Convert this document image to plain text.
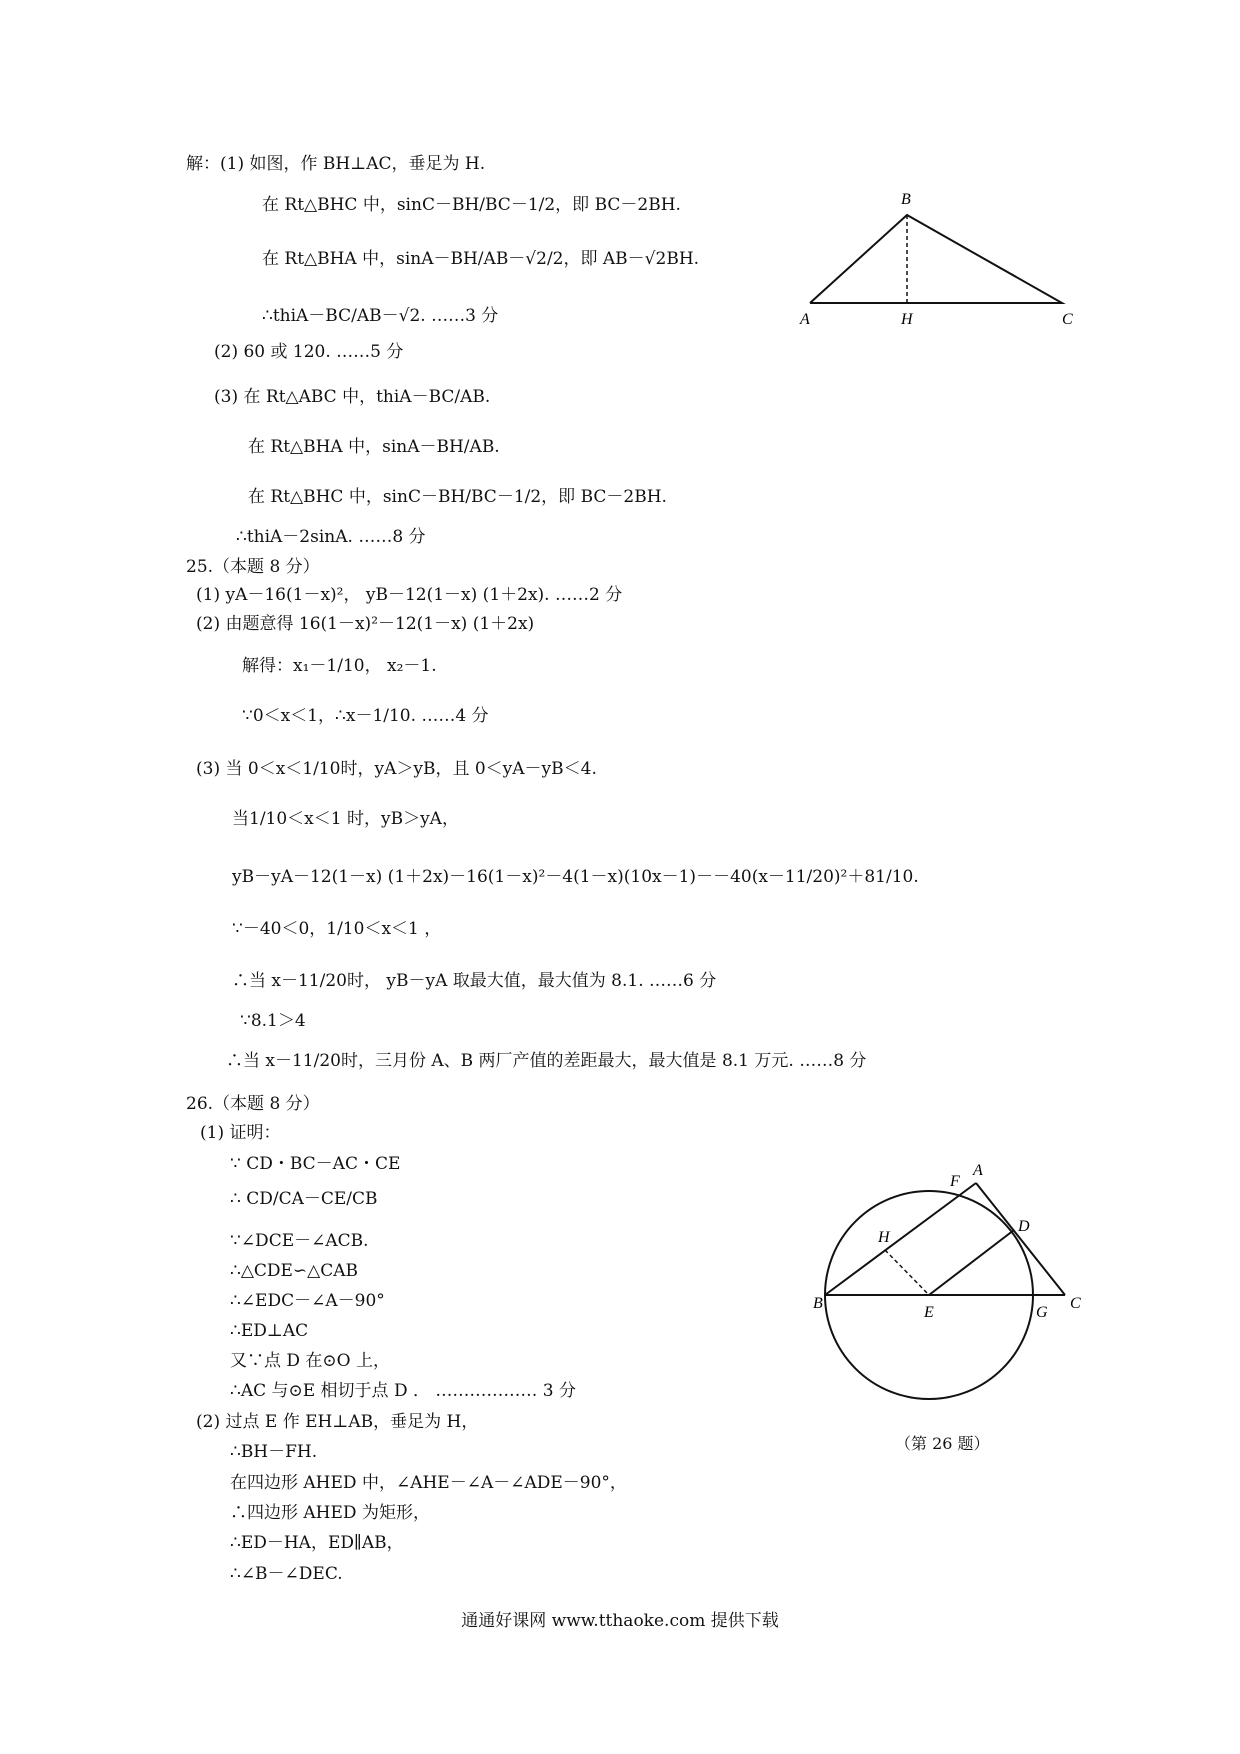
解：(1) 如图，作 BH⊥AC，垂足为 H.
在 Rt△BHC 中，sinC－BH/BC－1/2，即 BC－2BH.
在 Rt△BHA 中，sinA－BH/AB－√2/2，即 AB－√2BH.
∴thiA－BC/AB－√2. ……3 分
(2) 60 或 120. ……5 分
(3) 在 Rt△ABC 中，thiA－BC/AB.
在 Rt△BHA 中，sinA－BH/AB.
在 Rt△BHC 中，sinC－BH/BC－1/2，即 BC－2BH.
∴thiA－2sinA. ……8 分
B
A	H	C
25.（本题 8 分）
(1) yA－16(1－x)²， yB－12(1－x) (1＋2x). ……2 分
(2) 由题意得 16(1－x)²－12(1－x) (1＋2x)
解得：x₁－1/10， x₂－1.
∵0＜x＜1，∴x－1/10. ……4 分
(3) 当 0＜x＜1/10时，yA＞yB，且 0＜yA－yB＜4.
当1/10＜x＜1 时，yB＞yA，
yB－yA－12(1－x) (1＋2x)－16(1－x)²－4(1－x)(10x－1)－－40(x－11/20)²＋81/10.
∵－40＜0，1/10＜x＜1 ，
∴当 x－11/20时， yB－yA 取最大值，最大值为 8.1. ……6 分
∵8.1＞4
∴当 x－11/20时，三月份 A、B 两厂产值的差距最大，最大值是 8.1 万元. ……8 分
26.（本题 8 分）
(1) 证明：
∵ CD・BC－AC・CE
∴ CD/CA－CE/CB
∵∠DCE－∠ACB.
∴△CDE∽△CAB
∴∠EDC－∠A－90°
∴ED⊥AC
又∵点 D 在⊙O 上，
∴AC 与⊙E 相切于点 D ． ……………… 3 分
(2) 过点 E 作 EH⊥AB，垂足为 H，
∴BH－FH.
在四边形 AHED 中，∠AHE－∠A－∠ADE－90°，
∴四边形 AHED 为矩形，
∴ED－HA，ED∥AB，
∴∠B－∠DEC.
A
F
H
D
B
E	G
C
（第 26 题）
通通好课网 www.tthaoke.com 提供下载
